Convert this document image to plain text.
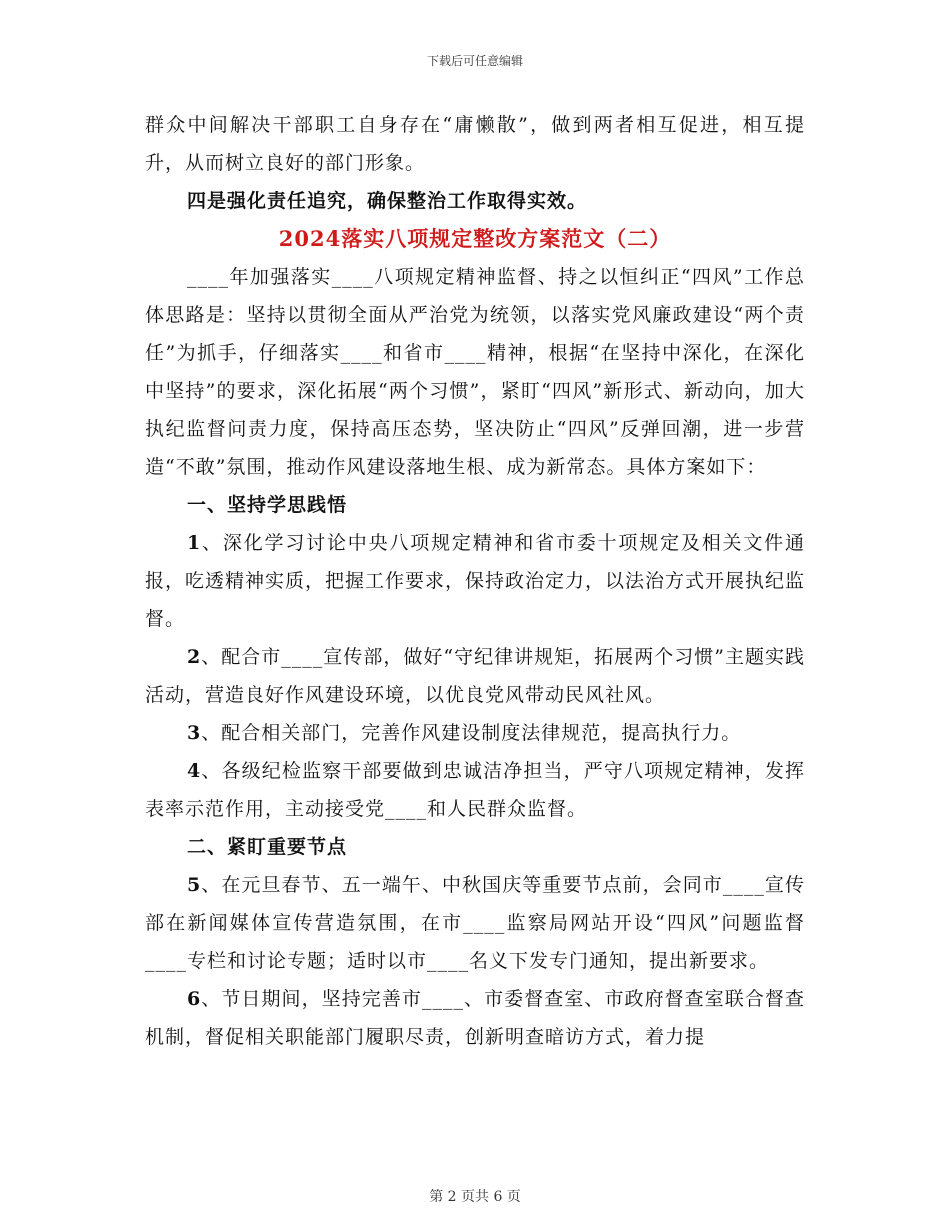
下载后可任意编辑

群众中间解决干部职工自身存在“庸懒散”，做到两者相互促进，相互提升，从而树立良好的部门形象。

四是强化责任追究，确保整治工作取得实效。

2024落实八项规定整改方案范文（二）

____年加强落实____八项规定精神监督、持之以恒纠正“四风”工作总体思路是：坚持以贯彻全面从严治党为统领，以落实党风廉政建设“两个责任”为抓手，仔细落实____和省市____精神，根据“在坚持中深化，在深化中坚持”的要求，深化拓展“两个习惯”，紧盯“四风”新形式、新动向，加大执纪监督问责力度，保持高压态势，坚决防止“四风”反弹回潮，进一步营造“不敢”氛围，推动作风建设落地生根、成为新常态。具体方案如下：

一、坚持学思践悟

1、深化学习讨论中央八项规定精神和省市委十项规定及相关文件通报，吃透精神实质，把握工作要求，保持政治定力，以法治方式开展执纪监督。

2、配合市____宣传部，做好“守纪律讲规矩，拓展两个习惯”主题实践活动，营造良好作风建设环境，以优良党风带动民风社风。

3、配合相关部门，完善作风建设制度法律规范，提高执行力。

4、各级纪检监察干部要做到忠诚洁净担当，严守八项规定精神，发挥表率示范作用，主动接受党____和人民群众监督。

二、紧盯重要节点

5、在元旦春节、五一端午、中秋国庆等重要节点前，会同市____宣传部在新闻媒体宣传营造氛围，在市____监察局网站开设“四风”问题监督____专栏和讨论专题；适时以市____名义下发专门通知，提出新要求。

6、节日期间，坚持完善市____、市委督查室、市政府督查室联合督查机制，督促相关职能部门履职尽责，创新明查暗访方式，着力提

第 2 页共 6 页
